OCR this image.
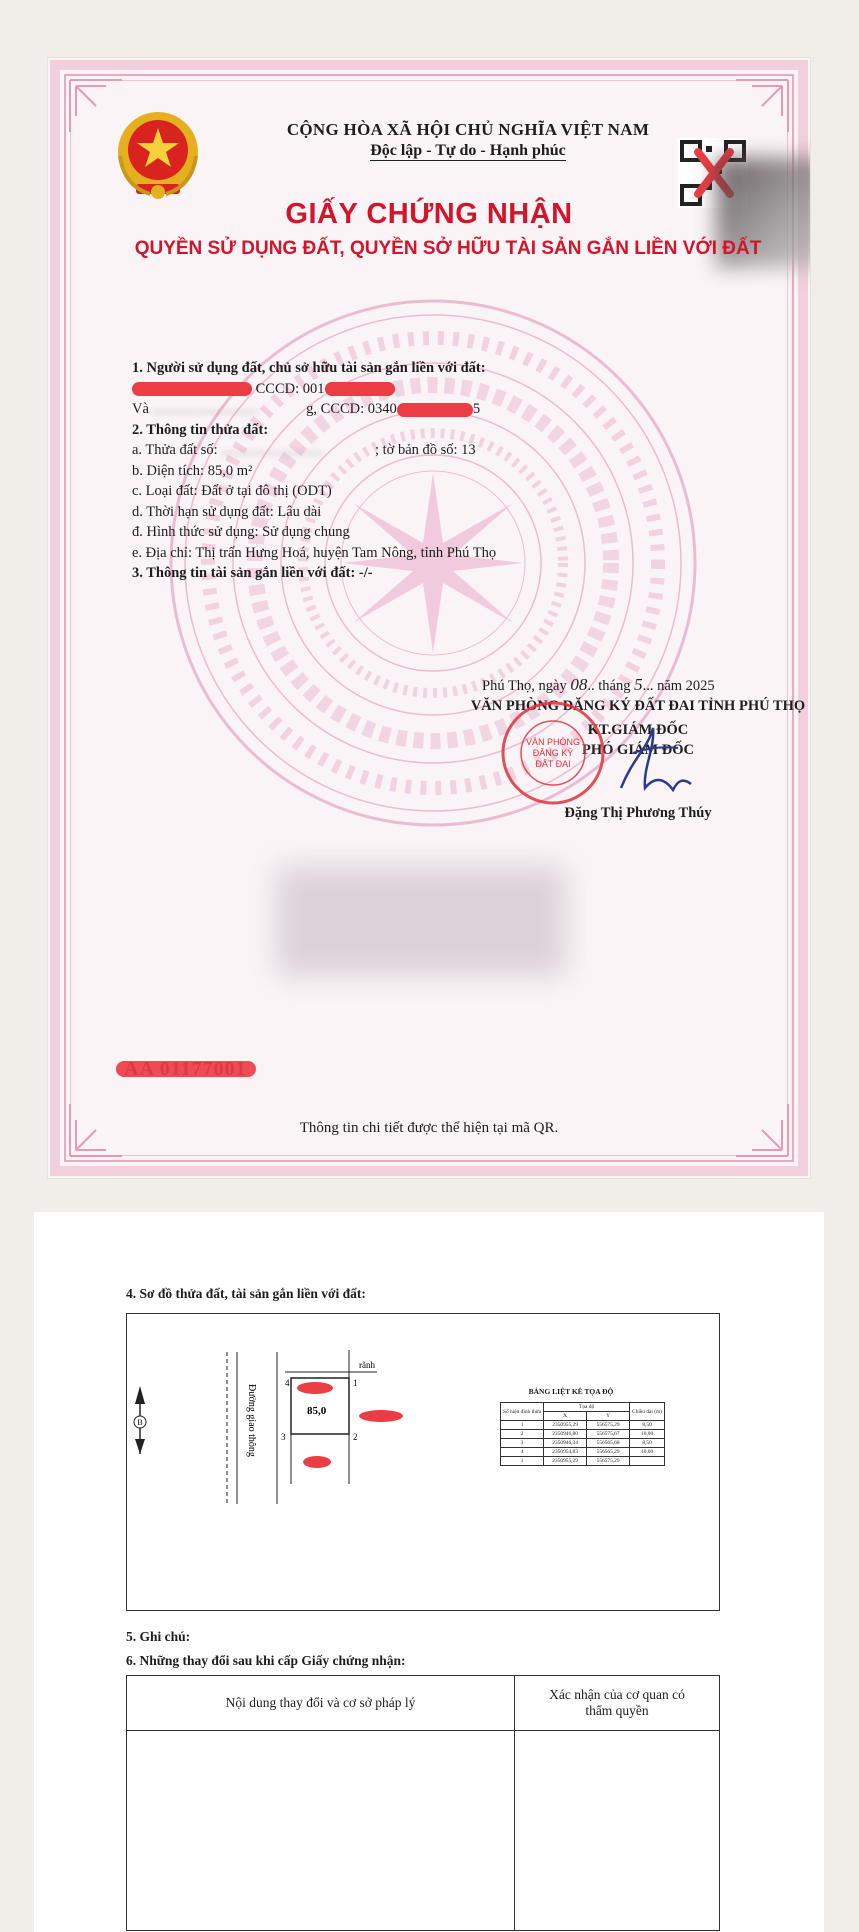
CỘNG HÒA XÃ HỘI CHỦ NGHĨA VIỆT NAM
Độc lập - Tự do - Hạnh phúc
GIẤY CHỨNG NHẬN
QUYỀN SỬ DỤNG ĐẤT, QUYỀN SỞ HỮU TÀI SẢN GẮN LIỀN VỚI ĐẤT
1. Người sử dụng đất, chủ sở hữu tài sản gắn liền với đất:
CCCD: 001
Và .............................	g, CCCD: 0340	5
2. Thông tin thửa đất:
a. Thửa đất số: ............................	; tờ bản đồ số: 13
b. Diện tích: 85,0 m²
c. Loại đất: Đất ở tại đô thị (ODT)
d. Thời hạn sử dụng đất: Lâu dài
đ. Hình thức sử dụng: Sử dụng chung
e. Địa chỉ: Thị trấn Hưng Hoá, huyện Tam Nông, tỉnh Phú Thọ
3. Thông tin tài sản gắn liền với đất: -/-
Phú Thọ, ngày 08.. tháng 5... năm 2025
VĂN PHÒNG ĐĂNG KÝ ĐẤT ĐAI TỈNH PHÚ THỌ
KT.GIÁM ĐỐC
PHÓ GIÁM ĐỐC
VĂN PHÒNG
ĐĂNG KÝ
ĐẤT ĐAI
Đặng Thị Phương Thúy
Thông tin chi tiết được thể hiện tại mã QR.
4. Sơ đồ thửa đất, tài sản gắn liền với đất:
B	Đường giao thông
rãnh
4	1
2
3
85,0
BẢNG LIỆT KÊ TỌA ĐỘ
Số hiệu đỉnh thửa	Tọa độ		Chiều dài (m)
	X	Y	
1	2350955,29	556575,29	8,50
2	2350946,80	556575,67	10,00
3	2350946,34	556565,68	8,50
4	2350954,83	556565,29	10,00
1	2350955,29	556575,29	
5. Ghi chú:
6. Những thay đổi sau khi cấp Giấy chứng nhận:
Nội dung thay đổi và cơ sở pháp lý	Xác nhận của cơ quan có thẩm quyền
